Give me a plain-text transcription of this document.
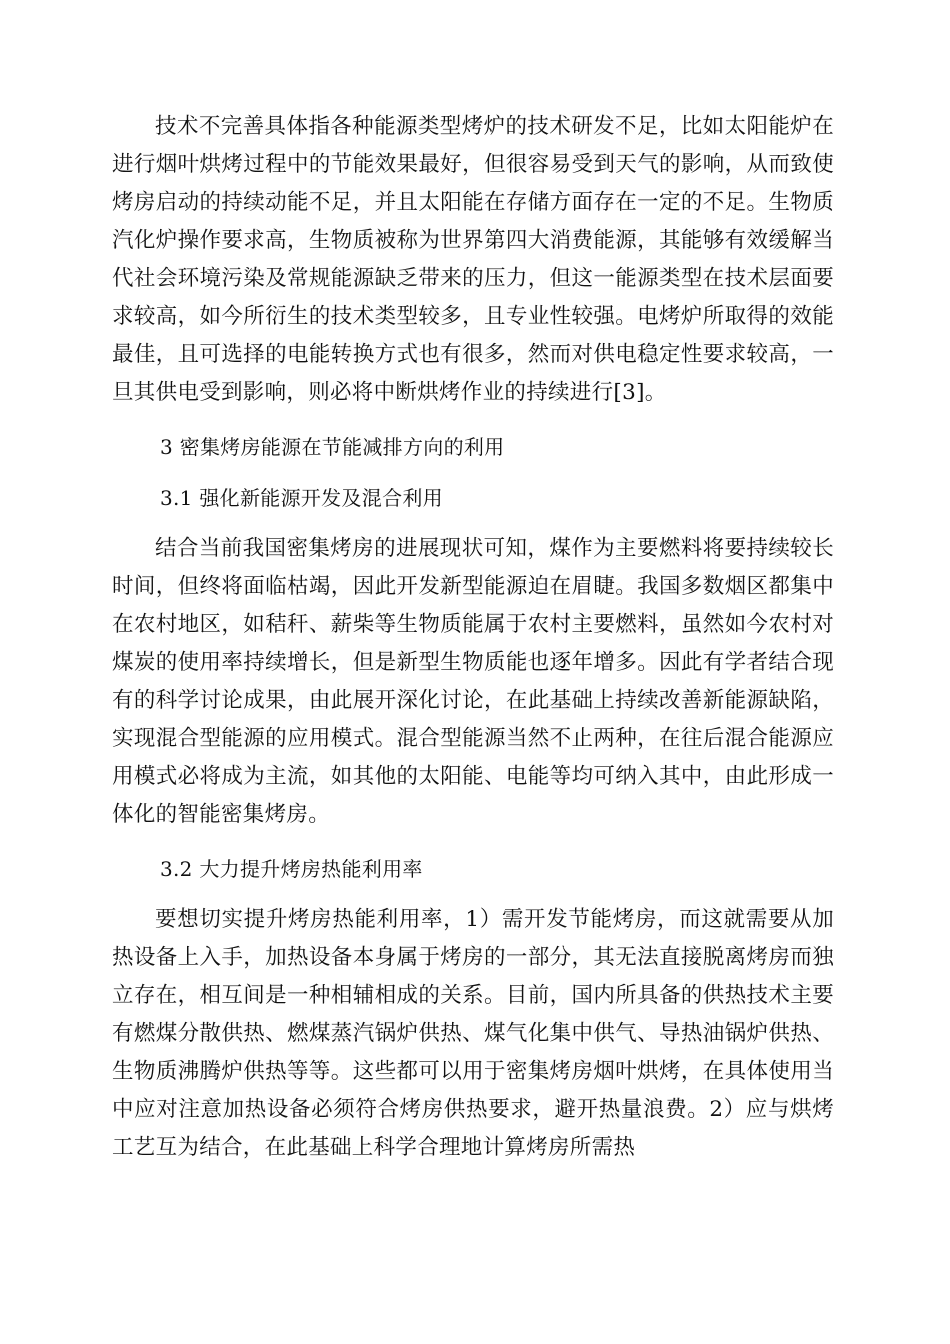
技术不完善具体指各种能源类型烤炉的技术研发不足，比如太阳能炉在进行烟叶烘烤过程中的节能效果最好，但很容易受到天气的影响，从而致使烤房启动的持续动能不足，并且太阳能在存储方面存在一定的不足。生物质汽化炉操作要求高，生物质被称为世界第四大消费能源，其能够有效缓解当代社会环境污染及常规能源缺乏带来的压力，但这一能源类型在技术层面要求较高，如今所衍生的技术类型较多，且专业性较强。电烤炉所取得的效能最佳，且可选择的电能转换方式也有很多，然而对供电稳定性要求较高，一旦其供电受到影响，则必将中断烘烤作业的持续进行[3]。

3 密集烤房能源在节能减排方向的利用

3.1 强化新能源开发及混合利用

结合当前我国密集烤房的进展现状可知，煤作为主要燃料将要持续较长时间，但终将面临枯竭，因此开发新型能源迫在眉睫。我国多数烟区都集中在农村地区，如秸秆、薪柴等生物质能属于农村主要燃料，虽然如今农村对煤炭的使用率持续增长，但是新型生物质能也逐年增多。因此有学者结合现有的科学讨论成果，由此展开深化讨论，在此基础上持续改善新能源缺陷，实现混合型能源的应用模式。混合型能源当然不止两种，在往后混合能源应用模式必将成为主流，如其他的太阳能、电能等均可纳入其中，由此形成一体化的智能密集烤房。

3.2 大力提升烤房热能利用率

要想切实提升烤房热能利用率，1）需开发节能烤房，而这就需要从加热设备上入手，加热设备本身属于烤房的一部分，其无法直接脱离烤房而独立存在，相互间是一种相辅相成的关系。目前，国内所具备的供热技术主要有燃煤分散供热、燃煤蒸汽锅炉供热、煤气化集中供气、导热油锅炉供热、生物质沸腾炉供热等等。这些都可以用于密集烤房烟叶烘烤，在具体使用当中应对注意加热设备必须符合烤房供热要求，避开热量浪费。2）应与烘烤工艺互为结合，在此基础上科学合理地计算烤房所需热
